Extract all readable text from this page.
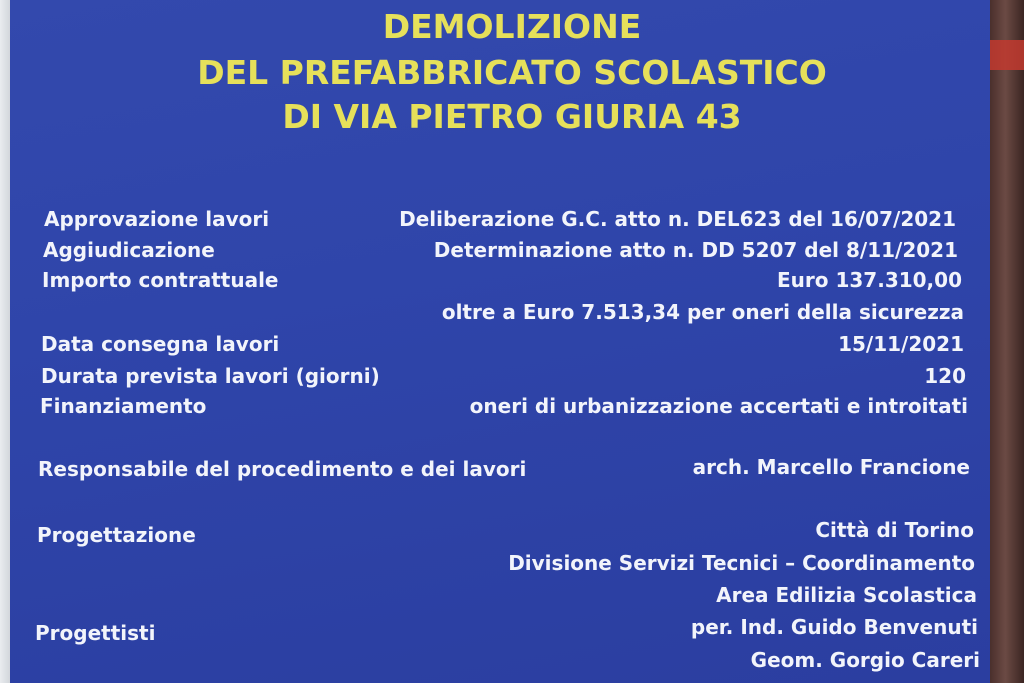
DEMOLIZIONE
DEL PREFABBRICATO SCOLASTICO
DI VIA PIETRO GIURIA 43
Approvazione lavori	Deliberazione G.C. atto n. DEL623 del 16/07/2021
Aggiudicazione	Determinazione atto n. DD 5207 del 8/11/2021
Importo contrattuale	Euro 137.310,00
oltre a Euro 7.513,34 per oneri della sicurezza
Data consegna lavori	15/11/2021
Durata prevista lavori (giorni)	120
Finanziamento	oneri di urbanizzazione accertati e introitati
Responsabile del procedimento e dei lavori	arch. Marcello Francione
Progettazione	Città di Torino
Divisione Servizi Tecnici – Coordinamento
Area Edilizia Scolastica
Progettisti	per. Ind. Guido Benvenuti
Geom. Gorgio Careri
